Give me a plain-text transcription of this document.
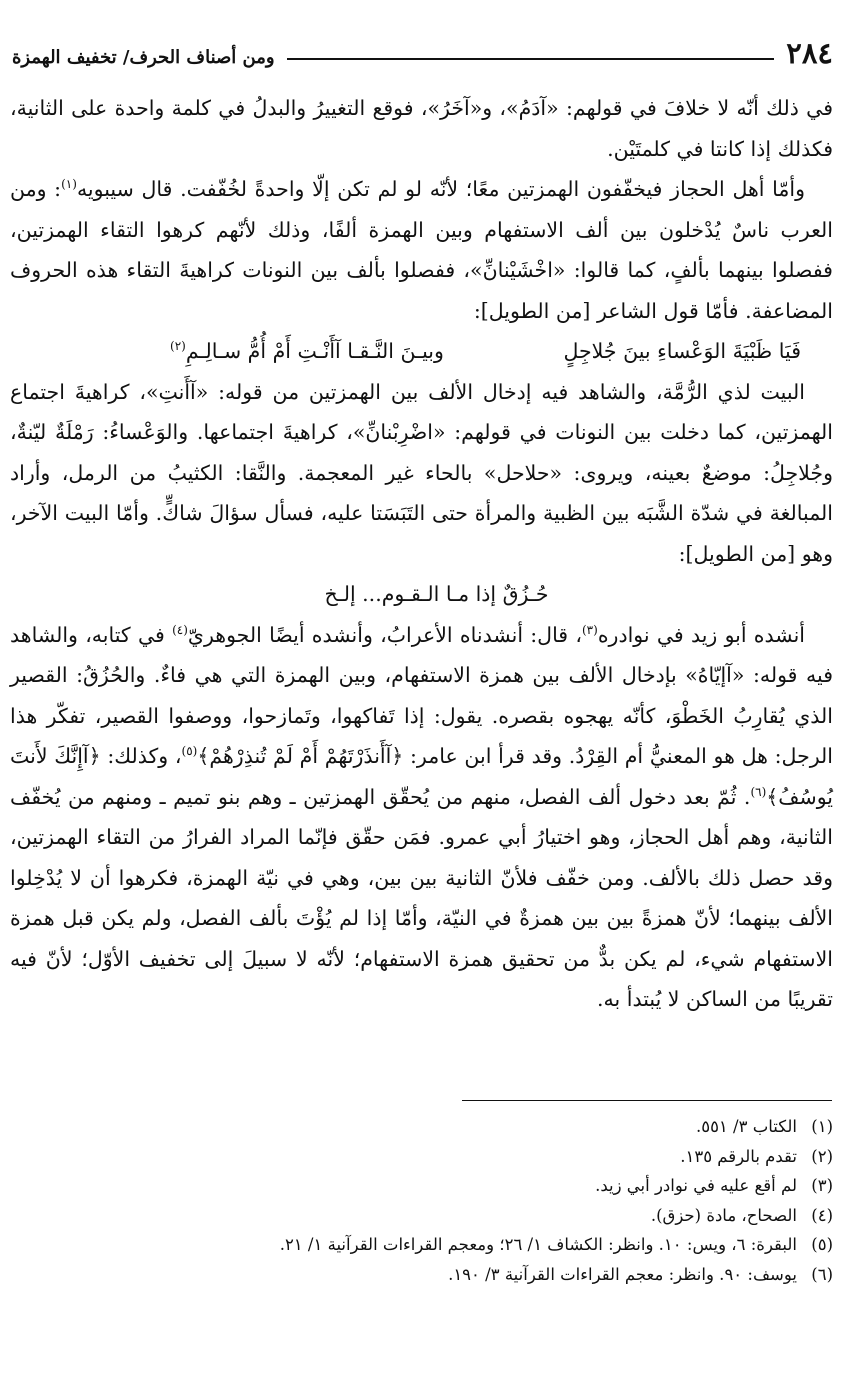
٢٨٤
ومن أصناف الحرف/ تخفيف الهمزة

في ذلك أنّه لا خلافَ في قولهم: «آدَمُ»، و«آخَرُ»، فوقع التغييرُ والبدلُ في كلمة واحدة على الثانية، فكذلك إذا كانتا في كلمتَيْن.

وأمّا أهل الحجاز فيخفّفون الهمزتين معًا؛ لأنّه لو لم تكن إلّا واحدةً لخُفّفت. قال سيبويه$^{(١)}$: ومن العرب ناسٌ يُدْخلون بين ألف الاستفهام وبين الهمزة ألفًا، وذلك لأنّهم كرهوا التقاء الهمزتين، ففصلوا بينهما بألفٍ، كما قالوا: «اخْشَيْنانِّ»، ففصلوا بألف بين النونات كراهيةَ التقاء هذه الحروف المضاعفة. فأمّا قول الشاعر [من الطويل]:

فَيَا ظَبْيَةَ الوَعْساءِ بينَ جُلاجِلٍ
وبيـنَ النَّـقـا آأَنْـتِ أَمْ أُمُّ سـالِـمِ$^{(٢)}$

البيت لذي الرُّمَّة، والشاهد فيه إدخال الألف بين الهمزتين من قوله: «آأَنتِ»، كراهيةَ اجتماع الهمزتين، كما دخلت بين النونات في قولهم: «اضْرِبْنانِّ»، كراهيةَ اجتماعها. والوَعْساءُ: رَمْلَةٌ ليّنةٌ، وجُلاجِلُ: موضعٌ بعينه، ويروى: «حلاحل» بالحاء غير المعجمة. والنَّقا: الكثيبُ من الرمل، وأراد المبالغة في شدّة الشَّبَه بين الظبية والمرأة حتى التَبَسَتا عليه، فسأل سؤالَ شاكٍّ. وأمّا البيت الآخر، وهو [من الطويل]:

حُـزُقٌ إذا مـا الـقـوم... إلـخ

أنشده أبو زيد في نوادره$^{(٣)}$، قال: أنشدناه الأعرابُ، وأنشده أيضًا الجوهريّ$^{(٤)}$ في كتابه، والشاهد فيه قوله: «آإيّاهُ» بإدخال الألف بين همزة الاستفهام، وبين الهمزة التي هي فاءٌ. والحُزُقُ: القصير الذي يُقارِبُ الخَطْوَ، كأنّه يهجوه بقصره. يقول: إذا تَفاكهوا، وتَمازحوا، ووصفوا القصير، تفكّر هذا الرجل: هل هو المعنيُّ أم القِرْدُ. وقد قرأ ابن عامر: ﴿آأَنذَرْتَهُمْ أَمْ لَمْ تُنذِرْهُمْ﴾$^{(٥)}$، وكذلك: ﴿آإِنَّكَ لأَنتَ يُوسُفُ﴾$^{(٦)}$. ثُمّ بعد دخول ألف الفصل، منهم من يُحقّق الهمزتين ـ وهم بنو تميم ـ ومنهم من يُخفّف الثانية، وهم أهل الحجاز، وهو اختيارُ أبي عمرو. فمَن حقّق فإنّما المراد الفرارُ من التقاء الهمزتين، وقد حصل ذلك بالألف. ومن خفّف فلأنّ الثانية بين بين، وهي في نيّة الهمزة، فكرهوا أن لا يُدْخِلوا الألف بينهما؛ لأنّ همزةً بين بين همزةٌ في النيّة، وأمّا إذا لم يُؤْتَ بألف الفصل، ولم يكن قبل همزة الاستفهام شيء، لم يكن بدٌّ من تحقيق همزة الاستفهام؛ لأنّه لا سبيلَ إلى تخفيف الأوّل؛ لأنّ فيه تقريبًا من الساكن لا يُبتدأ به.

(١)
الكتاب ٣/ ٥٥١.
(٢)
تقدم بالرقم ١٣٥.
(٣)
لم أقع عليه في نوادر أبي زيد.
(٤)
الصحاح، مادة (حزق).
(٥)
البقرة: ٦، ويس: ١٠. وانظر: الكشاف ١/ ٢٦؛ ومعجم القراءات القرآنية ١/ ٢١.
(٦)
يوسف: ٩٠. وانظر: معجم القراءات القرآنية ٣/ ١٩٠.
